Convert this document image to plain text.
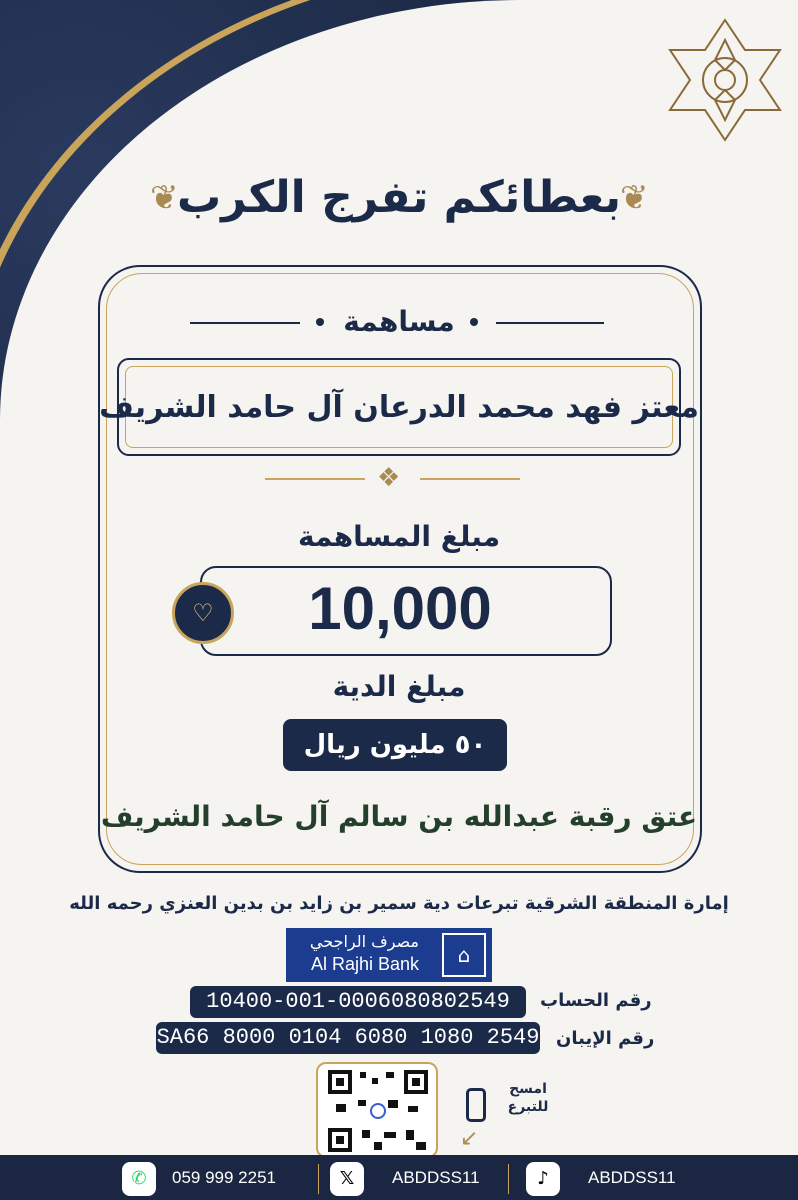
❦
بعطائكم تفرج الكرب
❦
مساهمة
معتز فهد محمد الدرعان آل حامد الشريف
❖
مبلغ المساهمة
♡	10,000
مبلغ الدية
٥٠ مليون ريال
عتق رقبة عبدالله بن سالم آل حامد الشريف
إمارة المنطقة الشرقية تبرعات دية سمير بن زايد بن بدين العنزي رحمه الله
مصرف الراجحي
Al Rajhi Bank	⌂
10400-001-0006080802549	رقم الحساب
SA66 8000 0104 6080 1080 2549 رقم الإيبان
امسح للتبرع
↙
✆	059 999 2251	𝕏	ABDDSS11	♪	ABDDSS11
